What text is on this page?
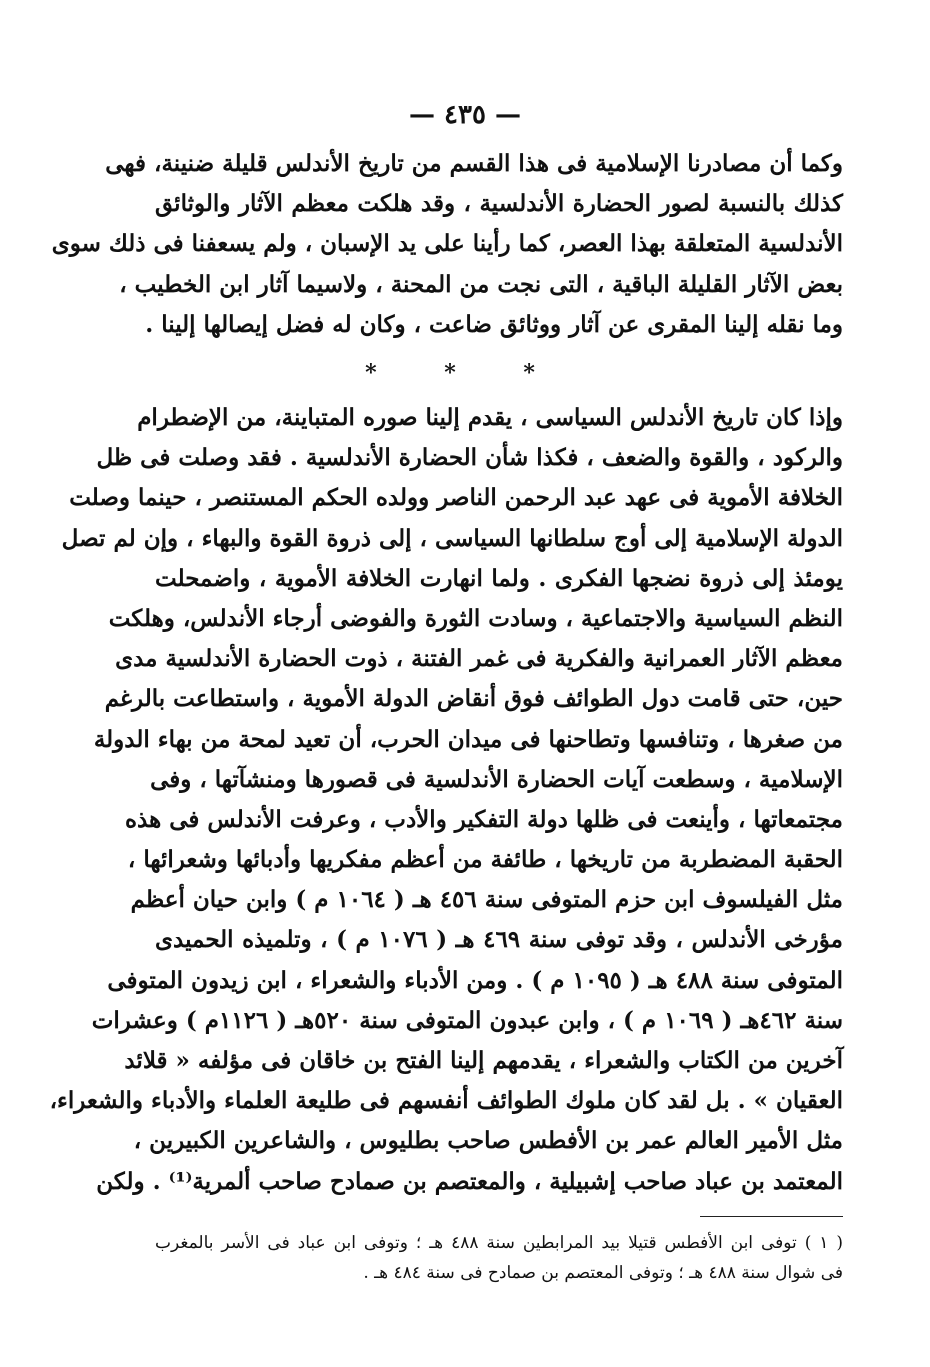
— ٤٣٥ —
وكما أن مصادرنا الإسلامية فى هذا القسم من تاريخ الأندلس قليلة ضنينة، فهى
كذلك بالنسبة لصور الحضارة الأندلسية ، وقد هلكت معظم الآثار والوثائق
الأندلسية المتعلقة بهذا العصر، كما رأينا على يد الإسبان ، ولم يسعفنا فى ذلك سوى
بعض الآثار القليلة الباقية ، التى نجت من المحنة ، ولاسيما آثار ابن الخطيب ،
وما نقله إلينا المقرى عن آثار ووثائق ضاعت ، وكان له فضل إيصالها إلينا .
* * *
وإذا كان تاريخ الأندلس السياسى ، يقدم إلينا صوره المتباينة، من الإضطرام
والركود ، والقوة والضعف ، فكذا شأن الحضارة الأندلسية . فقد وصلت فى ظل
الخلافة الأموية فى عهد عبد الرحمن الناصر وولده الحكم المستنصر ، حينما وصلت
الدولة الإسلامية إلى أوج سلطانها السياسى ، إلى ذروة القوة والبهاء ، وإن لم تصل
يومئذ إلى ذروة نضجها الفكرى . ولما انهارت الخلافة الأموية ، واضمحلت
النظم السياسية والاجتماعية ، وسادت الثورة والفوضى أرجاء الأندلس، وهلكت
معظم الآثار العمرانية والفكرية فى غمر الفتنة ، ذوت الحضارة الأندلسية مدى
حين، حتى قامت دول الطوائف فوق أنقاض الدولة الأموية ، واستطاعت بالرغم
من صغرها ، وتنافسها وتطاحنها فى ميدان الحرب، أن تعيد لمحة من بهاء الدولة
الإسلامية ، وسطعت آيات الحضارة الأندلسية فى قصورها ومنشآتها ، وفى
مجتمعاتها ، وأينعت فى ظلها دولة التفكير والأدب ، وعرفت الأندلس فى هذه
الحقبة المضطربة من تاريخها ، طائفة من أعظم مفكريها وأدبائها وشعرائها ،
مثل الفيلسوف ابن حزم المتوفى سنة ٤٥٦ هـ ( ١٠٦٤ م ) وابن حيان أعظم
مؤرخى الأندلس ، وقد توفى سنة ٤٦٩ هـ ( ١٠٧٦ م ) ، وتلميذه الحميدى
المتوفى سنة ٤٨٨ هـ ( ١٠٩٥ م ) . ومن الأدباء والشعراء ، ابن زيدون المتوفى
سنة ٤٦٢هـ ( ١٠٦٩ م ) ، وابن عبدون المتوفى سنة ٥٢٠هـ ( ١١٢٦م ) وعشرات
آخرين من الكتاب والشعراء ، يقدمهم إلينا الفتح بن خاقان فى مؤلفه « قلائد
العقيان » . بل لقد كان ملوك الطوائف أنفسهم فى طليعة العلماء والأدباء والشعراء،
مثل الأمير العالم عمر بن الأفطس صاحب بطليوس ، والشاعرين الكبيرين ،
المعتمد بن عباد صاحب إشبيلية ، والمعتصم بن صمادح صاحب ألمرية⁽¹⁾ . ولكن
( ١ ) توفى ابن الأفطس قتيلا بيد المرابطين سنة ٤٨٨ هـ ؛ وتوفى ابن عباد فى الأسر بالمغرب
فى شوال سنة ٤٨٨ هـ ؛ وتوفى المعتصم بن صمادح فى سنة ٤٨٤ هـ .
